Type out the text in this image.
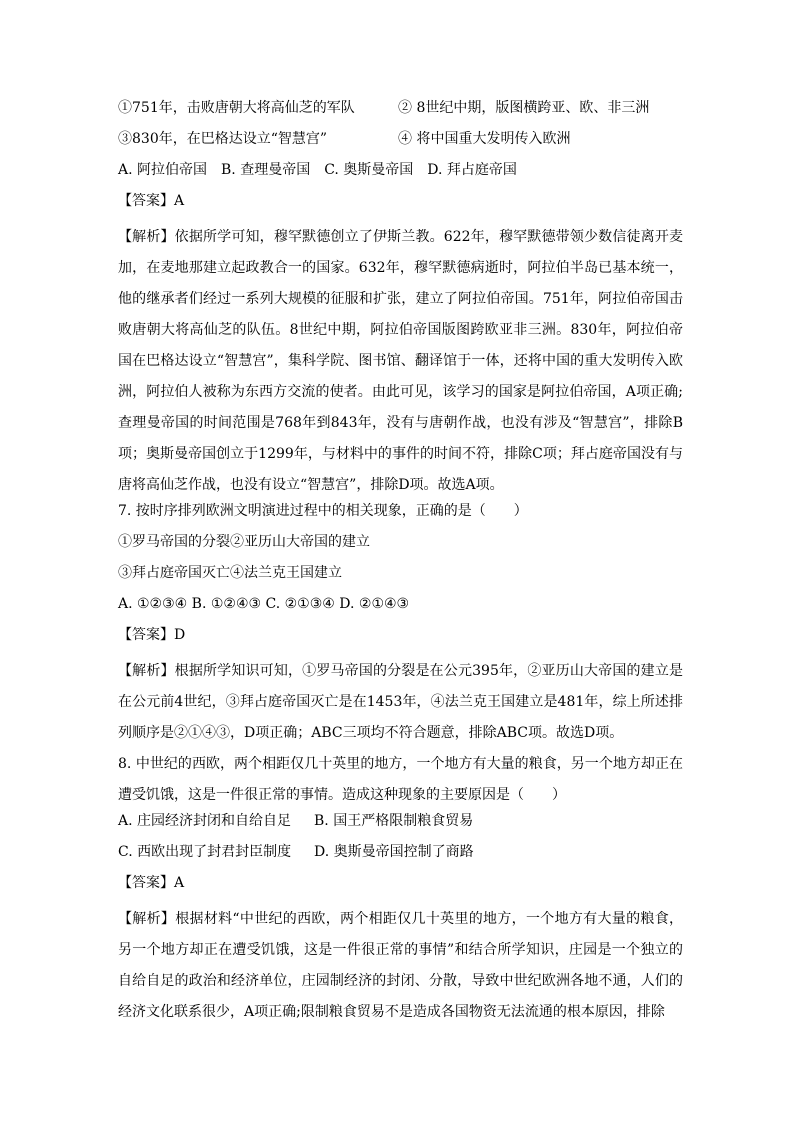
①751年，击败唐朝大将高仙芝的军队	② 8世纪中期，版图横跨亚、欧、非三洲
③830年，在巴格达设立“智慧宫”	④ 将中国重大发明传入欧洲
A. 阿拉伯帝国　B. 查理曼帝国　C. 奥斯曼帝国　D. 拜占庭帝国
【答案】A
【解析】依据所学可知，穆罕默德创立了伊斯兰教。622年，穆罕默德带领少数信徒离开麦加，在麦地那建立起政教合一的国家。632年，穆罕默德病逝时，阿拉伯半岛已基本统一，他的继承者们经过一系列大规模的征服和扩张，建立了阿拉伯帝国。751年，阿拉伯帝国击败唐朝大将高仙芝的队伍。8世纪中期，阿拉伯帝国版图跨欧亚非三洲。830年，阿拉伯帝国在巴格达设立“智慧宫”，集科学院、图书馆、翻译馆于一体，还将中国的重大发明传入欧洲，阿拉伯人被称为东西方交流的使者。由此可见，该学习的国家是阿拉伯帝国，A项正确;查理曼帝国的时间范围是768年到843年，没有与唐朝作战，也没有涉及“智慧宫”，排除B项；奥斯曼帝国创立于1299年，与材料中的事件的时间不符，排除C项；拜占庭帝国没有与唐将高仙芝作战，也没有设立“智慧宫”，排除D项。故选A项。
7. 按时序排列欧洲文明演进过程中的相关现象，正确的是（　　）
①罗马帝国的分裂②亚历山大帝国的建立
③拜占庭帝国灭亡④法兰克王国建立
A. ①②③④ B. ①②④③ C. ②①③④ D. ②①④③
【答案】D
【解析】根据所学知识可知，①罗马帝国的分裂是在公元395年，②亚历山大帝国的建立是在公元前4世纪，③拜占庭帝国灭亡是在1453年，④法兰克王国建立是481年，综上所述排列顺序是②①④③，D项正确；ABC三项均不符合题意，排除ABC项。故选D项。
8. 中世纪的西欧，两个相距仅几十英里的地方，一个地方有大量的粮食，另一个地方却正在遭受饥饿，这是一件很正常的事情。造成这种现象的主要原因是（　　）
A. 庄园经济封闭和自给自足 B. 国王严格限制粮食贸易
C. 西欧出现了封君封臣制度 D. 奥斯曼帝国控制了商路
【答案】A
【解析】根据材料“中世纪的西欧，两个相距仅几十英里的地方，一个地方有大量的粮食，另一个地方却正在遭受饥饿，这是一件很正常的事情”和结合所学知识，庄园是一个独立的自给自足的政治和经济单位，庄园制经济的封闭、分散，导致中世纪欧洲各地不通，人们的经济文化联系很少，A项正确;限制粮食贸易不是造成各国物资无法流通的根本原因，排除
